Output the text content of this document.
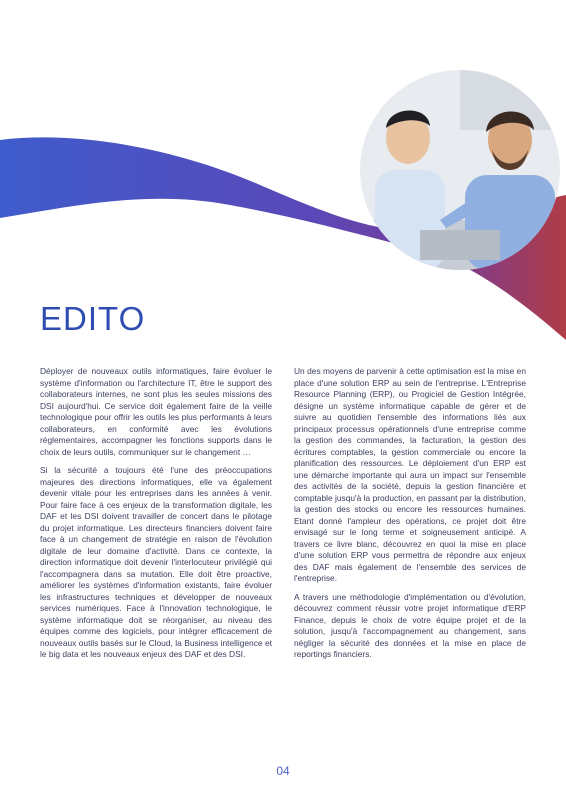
EDITO

Déployer de nouveaux outils informatiques, faire évoluer le système d'information ou l'architecture IT, être le support des collaborateurs internes, ne sont plus les seules missions des DSI aujourd'hui. Ce service doit également faire de la veille technologique pour offrir les outils les plus performants à leurs collaborateurs, en conformité avec les évolutions réglementaires, accompagner les fonctions supports dans le choix de leurs outils, communiquer sur le changement …

Si la sécurité a toujours été l'une des préoccupations majeures des directions informatiques, elle va également devenir vitale pour les entreprises dans les années à venir. Pour faire face à ces enjeux de la transformation digitale, les DAF et les DSI doivent travailler de concert dans le pilotage du projet informatique. Les directeurs financiers doivent faire face à un changement de stratégie en raison de l'évolution digitale de leur domaine d'activité. Dans ce contexte, la direction informatique doit devenir l'interlocuteur privilégié qui l'accompagnera dans sa mutation. Elle doit être proactive, améliorer les systèmes d'information existants, faire évoluer les infrastructures techniques et développer de nouveaux services numériques. Face à l'innovation technologique, le système informatique doit se réorganiser, au niveau des équipes comme des logiciels, pour intégrer efficacement de nouveaux outils basés sur le Cloud, la Business intelligence et le big data et les nouveaux enjeux des DAF et des DSI.

Un des moyens de parvenir à cette optimisation est la mise en place d'une solution ERP au sein de l'entreprise. L'Entreprise Resource Planning (ERP), ou Progiciel de Gestion Intégrée, désigne un système informatique capable de gérer et de suivre au quotidien l'ensemble des informations liés aux principaux processus opérationnels d'une entreprise comme la gestion des commandes, la facturation, la gestion des écritures comptables, la gestion commerciale ou encore la planification des ressources. Le déploiement d'un ERP est une démarche importante qui aura un impact sur l'ensemble des activités de la société, depuis la gestion financière et comptable jusqu'à la production, en passant par la distribution, la gestion des stocks ou encore les ressources humaines. Etant donné l'ampleur des opérations, ce projet doit être envisagé sur le long terme et soigneusement anticipé. A travers ce livre blanc, découvrez en quoi la mise en place d'une solution ERP vous permettra de répondre aux enjeux des DAF mais également de l'ensemble des services de l'entreprise.

A travers une méthodologie d'implémentation ou d'évolution, découvrez comment réussir votre projet informatique d'ERP Finance, depuis le choix de votre équipe projet et de la solution, jusqu'à l'accompagnement au changement, sans négliger la sécurité des données et la mise en place de reportings financiers.

04
